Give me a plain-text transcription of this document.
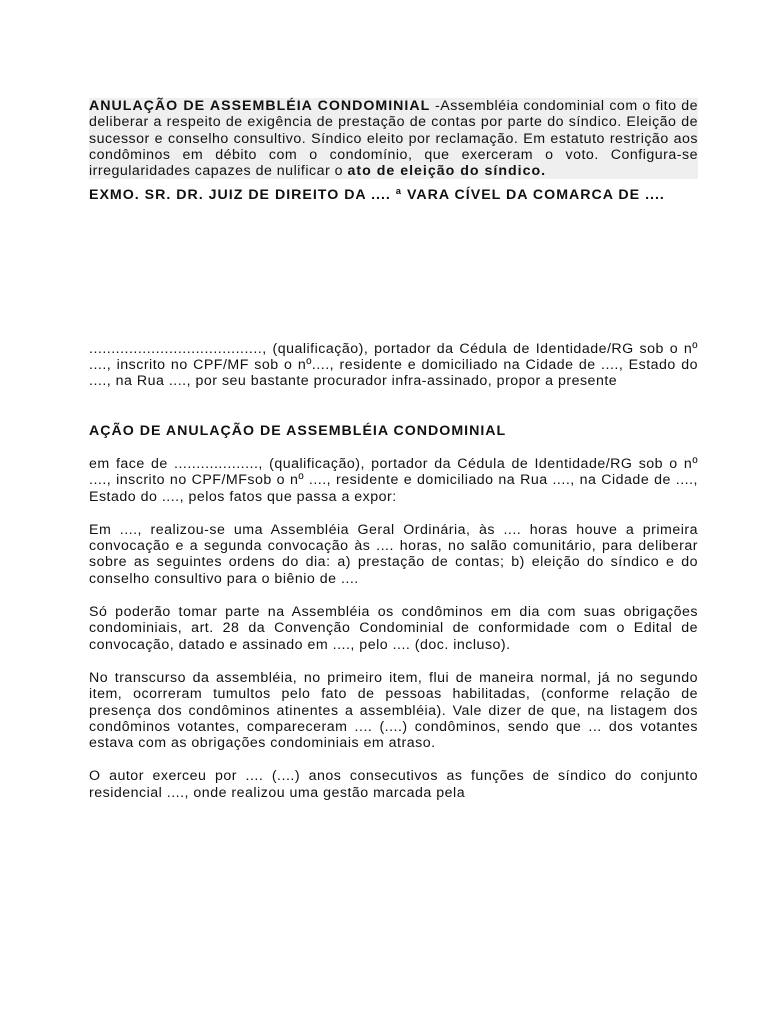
ANULAÇÃO DE ASSEMBLÉIA CONDOMINIAL -Assembléia condominial com o fito de deliberar a respeito de exigência de prestação de contas por parte do síndico. Eleição de sucessor e conselho consultivo. Síndico eleito por reclamação. Em estatuto restrição aos condôminos em débito com o condomínio, que exerceram o voto. Configura-se irregularidades capazes de nulificar o ato de eleição do síndico.

EXMO. SR. DR. JUIZ DE DIREITO DA .... ª VARA CÍVEL DA COMARCA DE ....

......................................., (qualificação), portador da Cédula de Identidade/RG sob o nº ...., inscrito no CPF/MF sob o nº...., residente e domiciliado na Cidade de ...., Estado do ...., na Rua ...., por seu bastante procurador infra-assinado, propor a presente

AÇÃO DE ANULAÇÃO DE ASSEMBLÉIA CONDOMINIAL

em face de ..................., (qualificação), portador da Cédula de Identidade/RG sob o nº ...., inscrito no CPF/MFsob o nº ...., residente e domiciliado na Rua ...., na Cidade de ...., Estado do ...., pelos fatos que passa a expor:

Em ...., realizou-se uma Assembléia Geral Ordinária, às .... horas houve a primeira convocação e a segunda convocação às .... horas, no salão comunitário, para deliberar sobre as seguintes ordens do dia: a) prestação de contas; b) eleição do síndico e do conselho consultivo para o biênio de ....

Só poderão tomar parte na Assembléia os condôminos em dia com suas obrigações condominiais, art. 28 da Convenção Condominial de conformidade com o Edital de convocação, datado e assinado em ...., pelo .... (doc. incluso).

No transcurso da assembléia, no primeiro item, flui de maneira normal, já no segundo item, ocorreram tumultos pelo fato de pessoas habilitadas, (conforme relação de presença dos condôminos atinentes a assembléia). Vale dizer de que, na listagem dos condôminos votantes, compareceram .... (....) condôminos, sendo que ... dos votantes estava com as obrigações condominiais em atraso.

O autor exerceu por .... (....) anos consecutivos as funções de síndico do conjunto residencial ...., onde realizou uma gestão marcada pela
